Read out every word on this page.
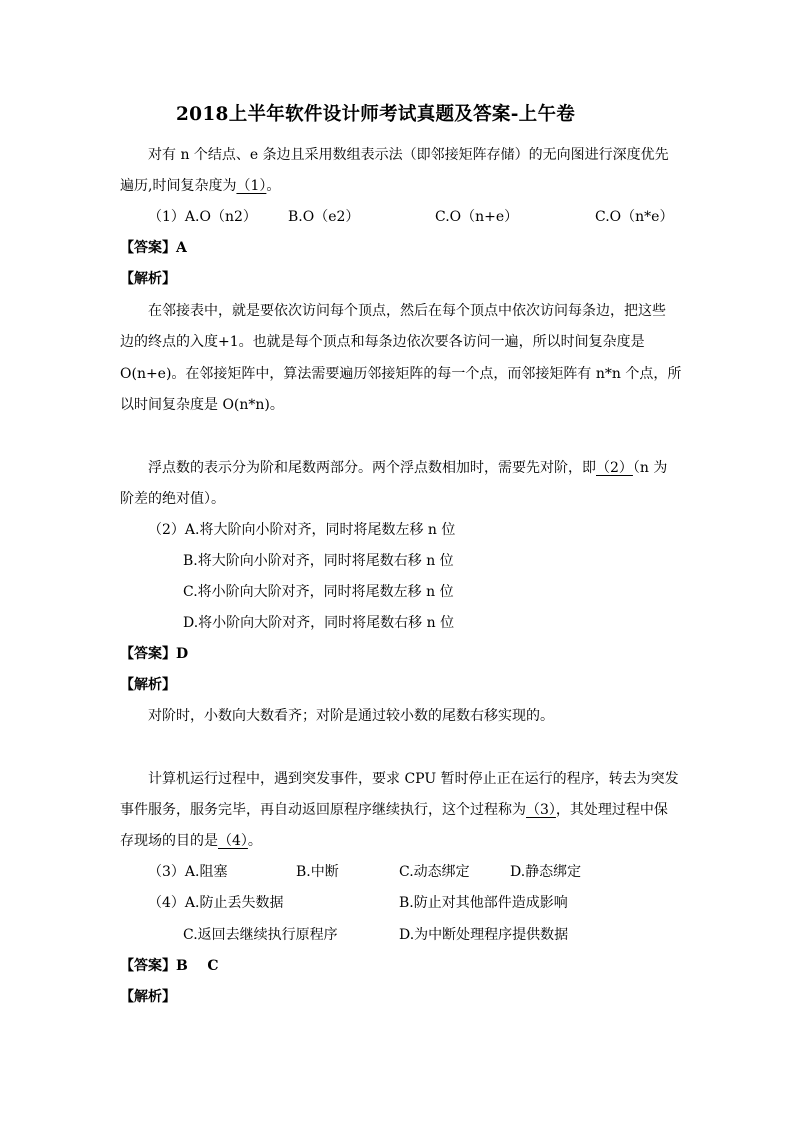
2018上半年软件设计师考试真题及答案-上午卷
对有 n 个结点、e 条边且采用数组表示法（即邻接矩阵存储）的无向图进行深度优先
遍历,时间复杂度为（1）。
（1）A.O（n2） B.O（e2）	C.O（n+e）	C.O（n*e）
【答案】A
【解析】
在邻接表中，就是要依次访问每个顶点，然后在每个顶点中依次访问每条边，把这些
边的终点的入度+1。也就是每个顶点和每条边依次要各访问一遍，所以时间复杂度是
O(n+e)。在邻接矩阵中，算法需要遍历邻接矩阵的每一个点，而邻接矩阵有 n*n 个点，所
以时间复杂度是 O(n*n)。
浮点数的表示分为阶和尾数两部分。两个浮点数相加时，需要先对阶，即（2）（n 为
阶差的绝对值）。
（2）A.将大阶向小阶对齐，同时将尾数左移 n 位
B.将大阶向小阶对齐，同时将尾数右移 n 位
C.将小阶向大阶对齐，同时将尾数左移 n 位
D.将小阶向大阶对齐，同时将尾数右移 n 位
【答案】D
【解析】
对阶时，小数向大数看齐；对阶是通过较小数的尾数右移实现的。
计算机运行过程中，遇到突发事件，要求 CPU 暂时停止正在运行的程序，转去为突发
事件服务，服务完毕，再自动返回原程序继续执行，这个过程称为（3），其处理过程中保
存现场的目的是（4）。
（3）A.阻塞	B.中断	C.动态绑定	D.静态绑定
（4）A.防止丢失数据	B.防止对其他部件造成影响
C.返回去继续执行原程序	D.为中断处理程序提供数据
【答案】B    C
【解析】
